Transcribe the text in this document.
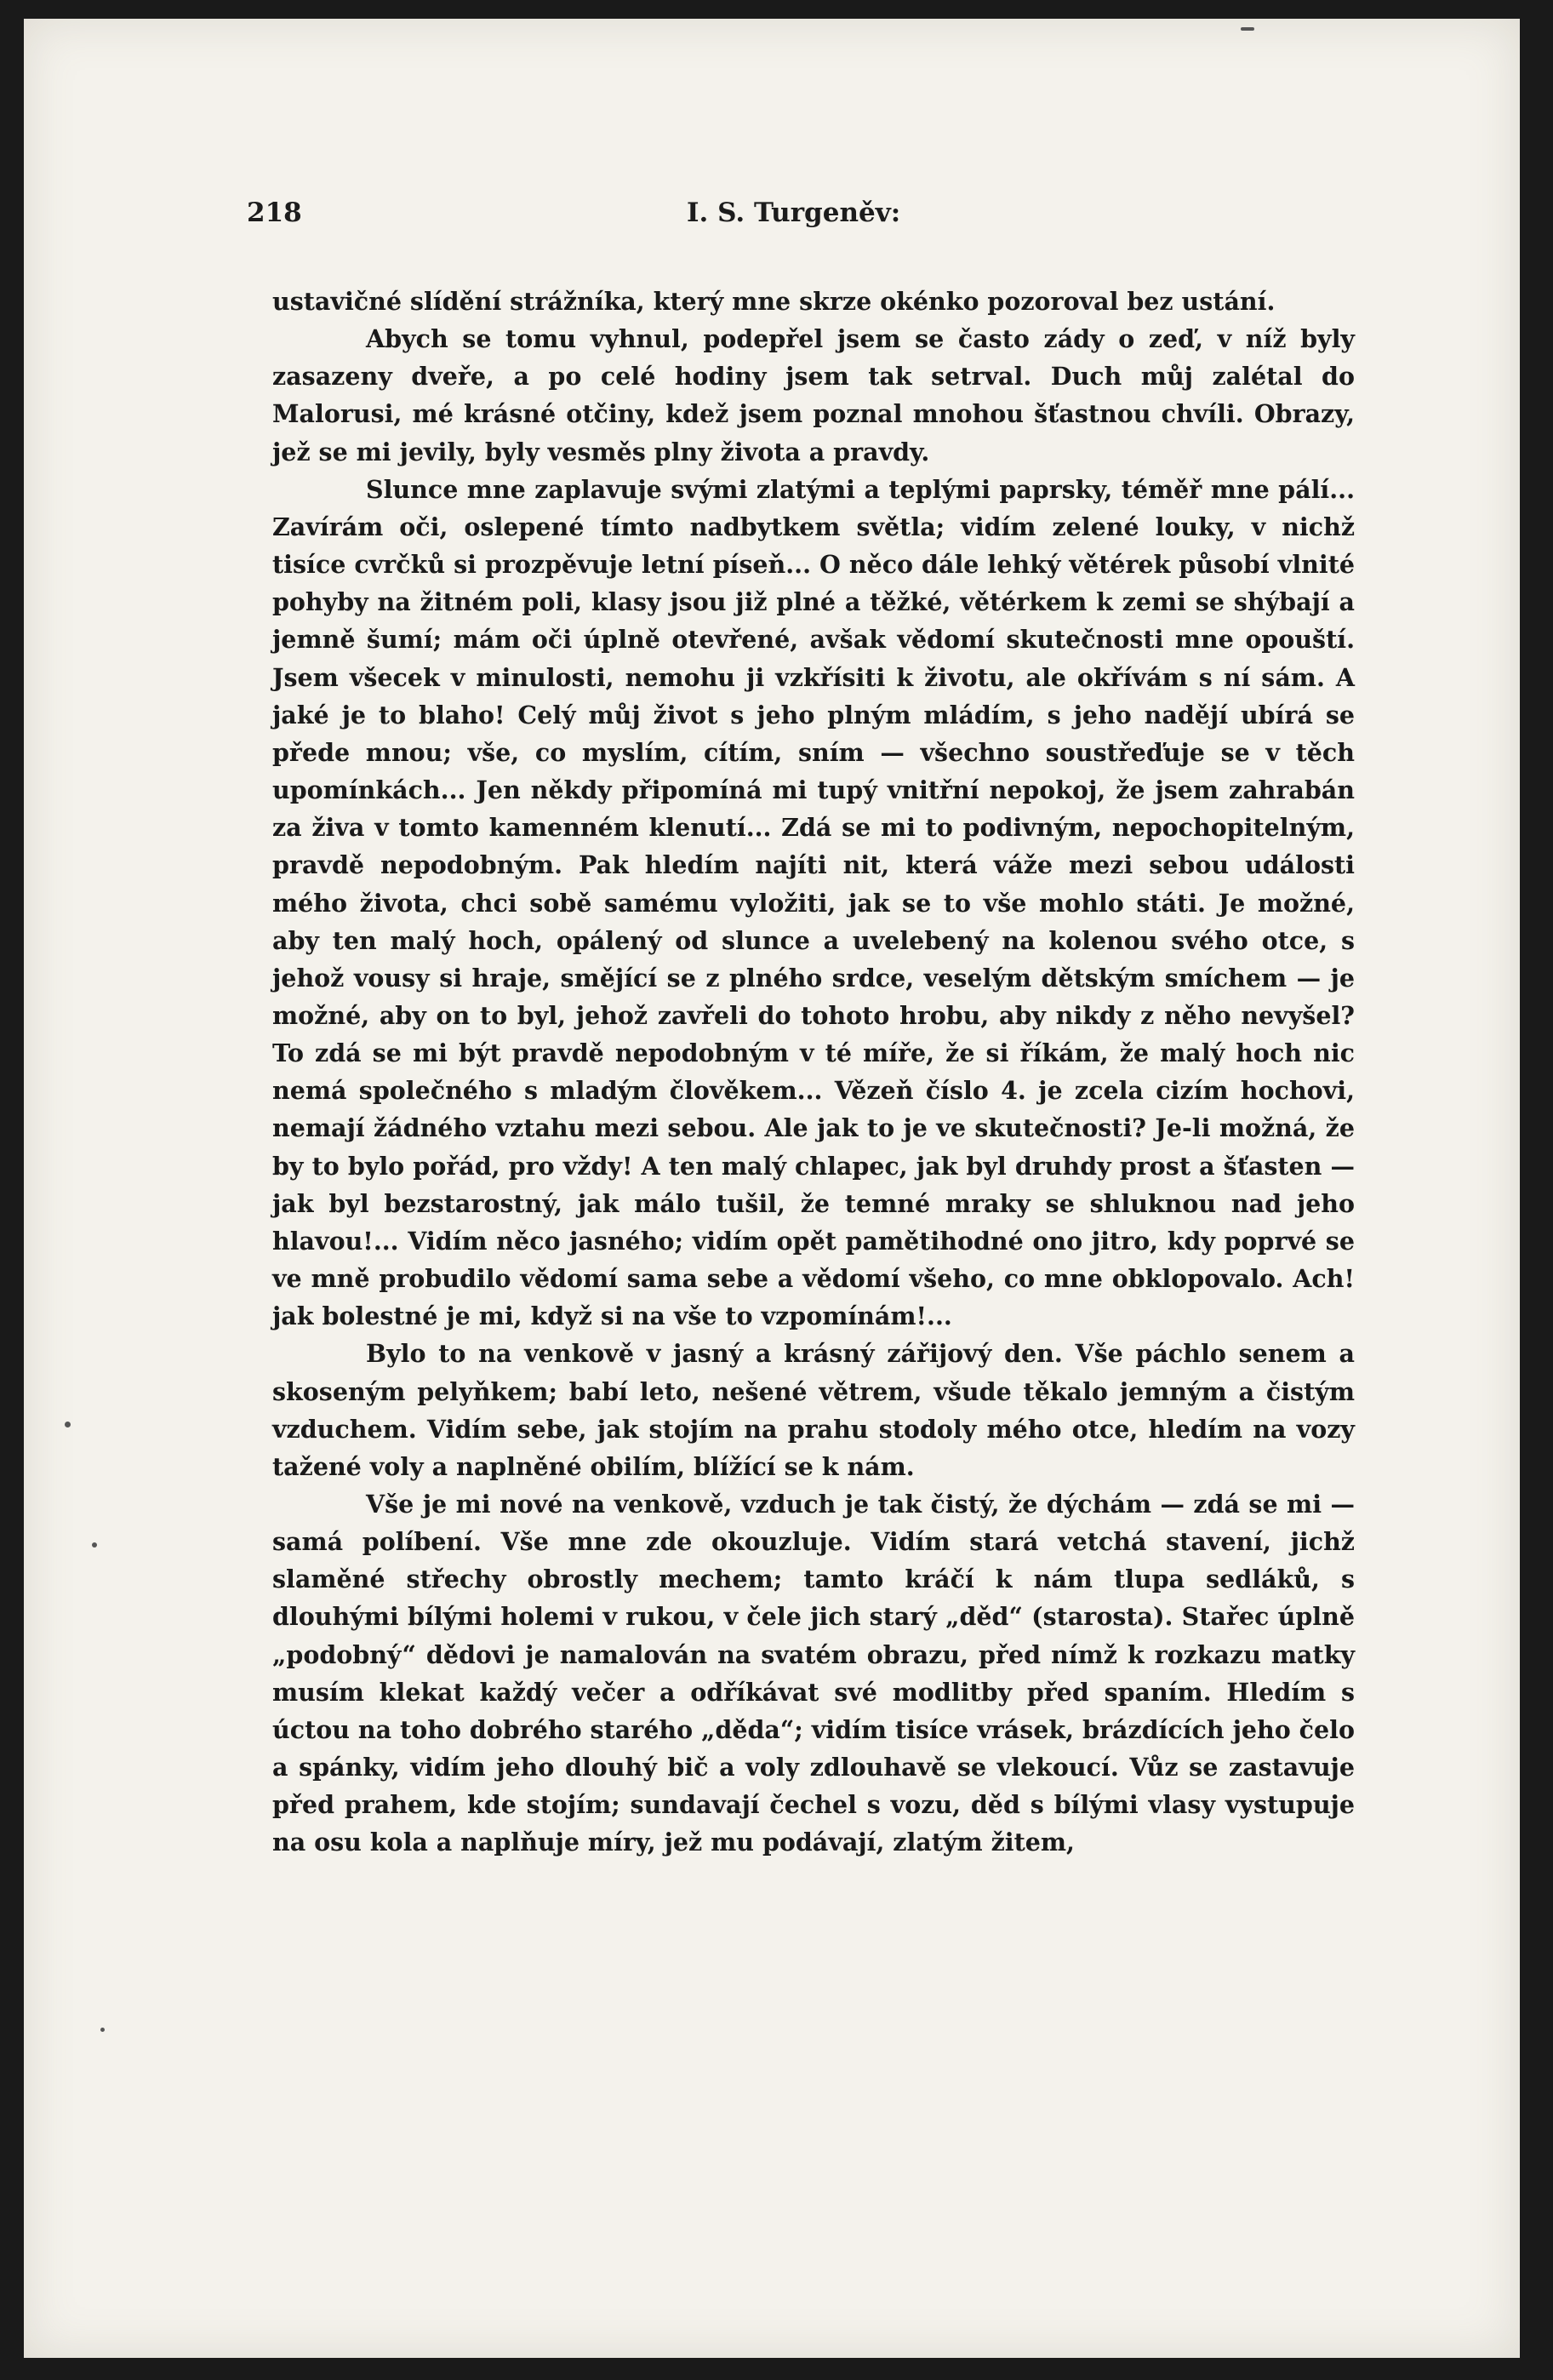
218	I. S. Turgeněv:

ustavičné slídění strážníka, který mne skrze okénko pozoroval bez ustání.

Abych se tomu vyhnul, podepřel jsem se často zády o zeď, v níž byly zasazeny dveře, a po celé hodiny jsem tak setrval. Duch můj zalétal do Malorusi, mé krásné otčiny, kdež jsem poznal mnohou šťastnou chvíli. Obrazy, jež se mi jevily, byly vesměs plny života a pravdy.

Slunce mne zaplavuje svými zlatými a teplými paprsky, téměř mne pálí... Zavírám oči, oslepené tímto nadbytkem světla; vidím zelené louky, v nichž tisíce cvrčků si prozpěvuje letní píseň... O něco dále lehký větérek působí vlnité pohyby na žitném poli, klasy jsou již plné a těžké, větérkem k zemi se shýbají a jemně šumí; mám oči úplně otevřené, avšak vědomí skutečnosti mne opouští. Jsem všecek v minulosti, nemohu ji vzkřísiti k životu, ale okřívám s ní sám. A jaké je to blaho! Celý můj život s jeho plným mládím, s jeho nadějí ubírá se přede mnou; vše, co myslím, cítím, sním — všechno soustřeďuje se v těch upomínkách... Jen někdy připomíná mi tupý vnitřní nepokoj, že jsem zahrabán za živa v tomto kamenném klenutí... Zdá se mi to podivným, nepochopitelným, pravdě nepodobným. Pak hledím najíti nit, která váže mezi sebou události mého života, chci sobě samému vyložiti, jak se to vše mohlo státi. Je možné, aby ten malý hoch, opálený od slunce a uvelebený na kolenou svého otce, s jehož vousy si hraje, smějící se z plného srdce, veselým dětským smíchem — je možné, aby on to byl, jehož zavřeli do tohoto hrobu, aby nikdy z něho nevyšel? To zdá se mi být pravdě nepodobným v té míře, že si říkám, že malý hoch nic nemá společného s mladým člověkem... Vězeň číslo 4. je zcela cizím hochovi, nemají žádného vztahu mezi sebou. Ale jak to je ve skutečnosti? Je-li možná, že by to bylo pořád, pro vždy! A ten malý chlapec, jak byl druhdy prost a šťasten — jak byl bezstarostný, jak málo tušil, že temné mraky se shluknou nad jeho hlavou!... Vidím něco jasného; vidím opět pamětihodné ono jitro, kdy poprvé se ve mně probudilo vědomí sama sebe a vědomí všeho, co mne obklopovalo. Ach! jak bolestné je mi, když si na vše to vzpomínám!...

Bylo to na venkově v jasný a krásný zářijový den. Vše páchlo senem a skoseným pelyňkem; babí leto, nešené větrem, všude těkalo jemným a čistým vzduchem. Vidím sebe, jak stojím na prahu stodoly mého otce, hledím na vozy tažené voly a naplněné obilím, blížící se k nám.

Vše je mi nové na venkově, vzduch je tak čistý, že dýchám — zdá se mi — samá políbení. Vše mne zde okouzluje. Vidím stará vetchá stavení, jichž slaměné střechy obrostly mechem; tamto kráčí k nám tlupa sedláků, s dlouhými bílými holemi v rukou, v čele jich starý „děd“ (starosta). Stařec úplně „podobný“ dědovi je namalován na svatém obrazu, před nímž k rozkazu matky musím klekat každý večer a odříkávat své modlitby před spaním. Hledím s úctou na toho dobrého starého „děda“; vidím tisíce vrásek, brázdících jeho čelo a spánky, vidím jeho dlouhý bič a voly zdlouhavě se vlekoucí. Vůz se zastavuje před prahem, kde stojím; sundavají čechel s vozu, děd s bílými vlasy vystupuje na osu kola a naplňuje míry, jež mu podávají, zlatým žitem,
